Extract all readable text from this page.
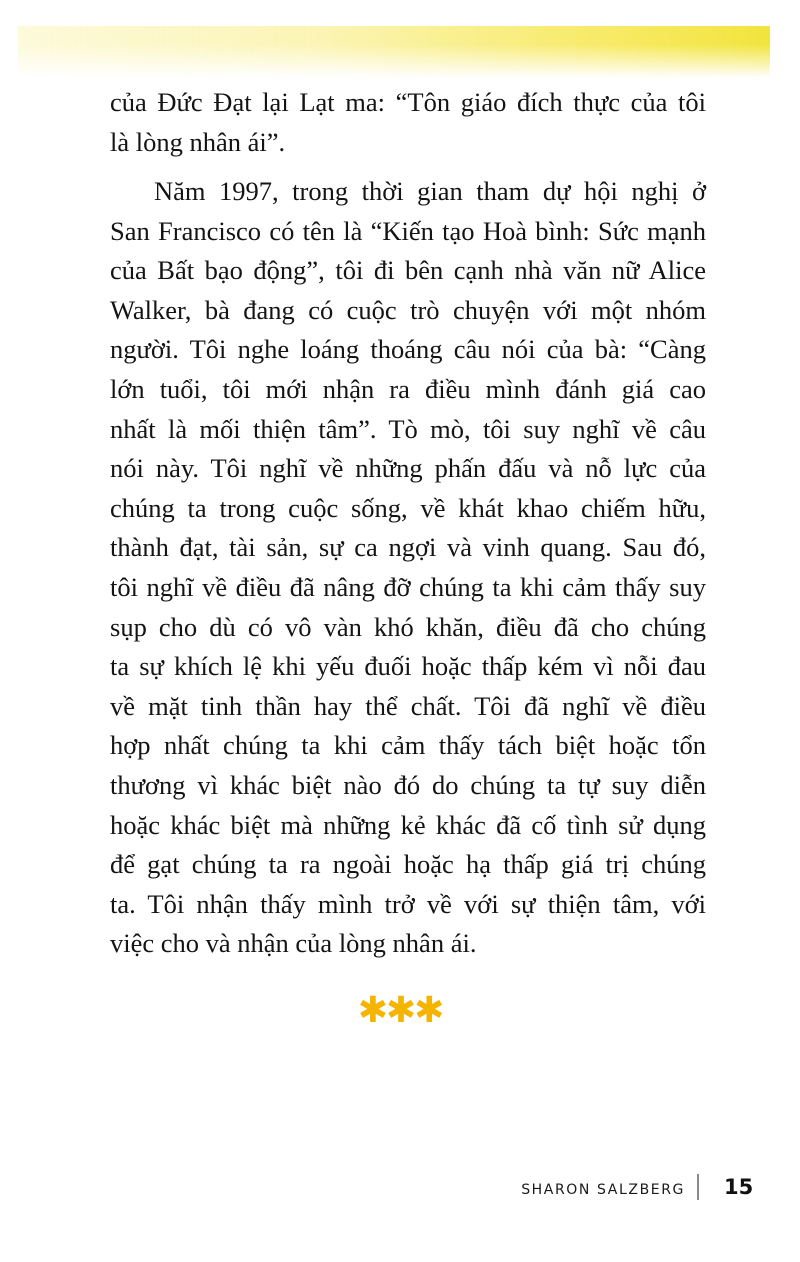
của Đức Đạt lại Lạt ma: “Tôn giáo đích thực của tôi
là lòng nhân ái”.
Năm 1997, trong thời gian tham dự hội nghị ở
San Francisco có tên là “Kiến tạo Hoà bình: Sức mạnh
của Bất bạo động”, tôi đi bên cạnh nhà văn nữ Alice
Walker, bà đang có cuộc trò chuyện với một nhóm
người. Tôi nghe loáng thoáng câu nói của bà: “Càng
lớn tuổi, tôi mới nhận ra điều mình đánh giá cao
nhất là mối thiện tâm”. Tò mò, tôi suy nghĩ về câu
nói này. Tôi nghĩ về những phấn đấu và nỗ lực của
chúng ta trong cuộc sống, về khát khao chiếm hữu,
thành đạt, tài sản, sự ca ngợi và vinh quang. Sau đó,
tôi nghĩ về điều đã nâng đỡ chúng ta khi cảm thấy suy
sụp cho dù có vô vàn khó khăn, điều đã cho chúng
ta sự khích lệ khi yếu đuối hoặc thấp kém vì nỗi đau
về mặt tinh thần hay thể chất. Tôi đã nghĩ về điều
hợp nhất chúng ta khi cảm thấy tách biệt hoặc tổn
thương vì khác biệt nào đó do chúng ta tự suy diễn
hoặc khác biệt mà những kẻ khác đã cố tình sử dụng
để gạt chúng ta ra ngoài hoặc hạ thấp giá trị chúng
ta. Tôi nhận thấy mình trở về với sự thiện tâm, với
việc cho và nhận của lòng nhân ái.
✱✱✱
SHARON SALZBERG 15
